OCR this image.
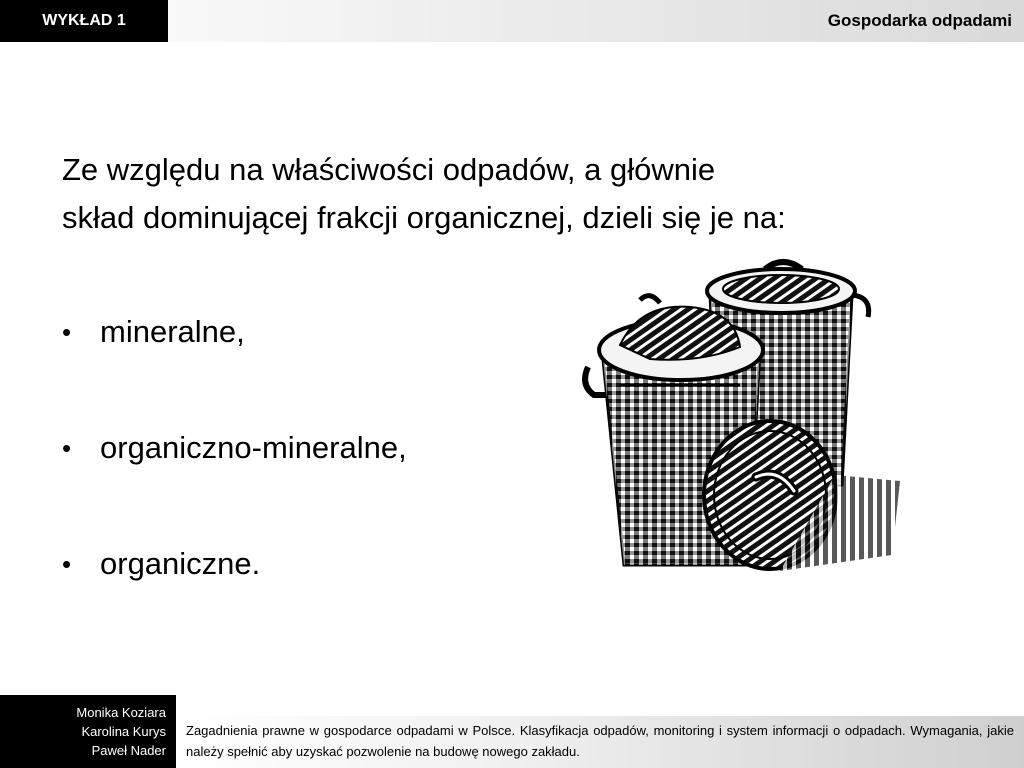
WYKŁAD 1	Gospodarka odpadami

Ze względu na właściwości odpadów, a głównie
skład dominującej frakcji organicznej, dzieli się je na:

• mineralne,
• organiczno-mineralne,
• organiczne.
Monika Koziara
Karolina Kurys
Paweł Nader
Zagadnienia prawne w gospodarce odpadami w Polsce. Klasyfikacja odpadów, monitoring i system informacji o odpadach. Wymagania, jakie należy spełnić aby uzyskać pozwolenie na budowę nowego zakładu.
